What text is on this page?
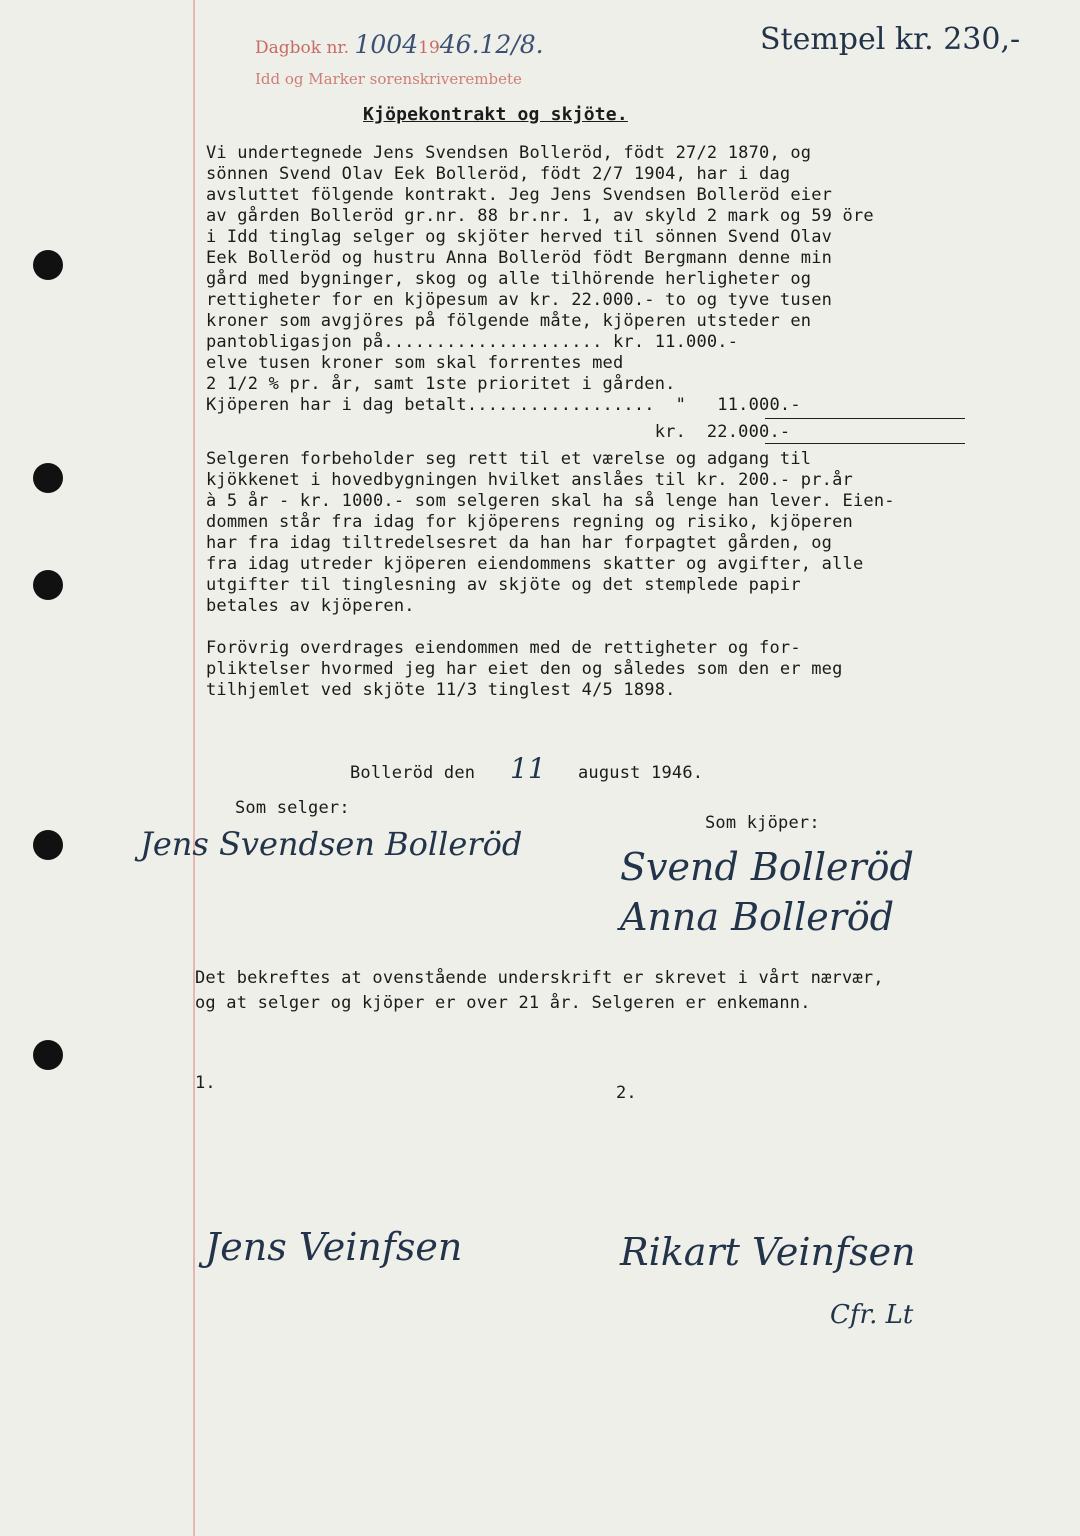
Dagbok nr. 10041946.12/8.
Idd og Marker sorenskriverembete
Stempel kr. 230,-
Kjöpekontrakt og skjöte.
Vi undertegnede Jens Svendsen Bolleröd, födt 27/2 1870, og
sönnen Svend Olav Eek Bolleröd, födt 2/7 1904, har i dag
avsluttet fölgende kontrakt. Jeg Jens Svendsen Bolleröd eier
av gården Bolleröd gr.nr. 88 br.nr. 1, av skyld 2 mark og 59 öre
i Idd tinglag selger og skjöter herved til sönnen Svend Olav
Eek Bolleröd og hustru Anna Bolleröd födt Bergmann denne min
gård med bygninger, skog og alle tilhörende herligheter og
rettigheter for en kjöpesum av kr. 22.000.- to og tyve tusen
kroner som avgjöres på fölgende måte, kjöperen utsteder en
pantobligasjon på..................... kr. 11.000.-
elve tusen kroner som skal forrentes med
2 1/2 % pr. år, samt 1ste prioritet i gården.
Kjöperen har i dag betalt..................  "   11.000.-
kr.  22.000.-
Selgeren forbeholder seg rett til et værelse og adgang til
kjökkenet i hovedbygningen hvilket anslåes til kr. 200.- pr.år
à 5 år - kr. 1000.- som selgeren skal ha så lenge han lever. Eien-
dommen står fra idag for kjöperens regning og risiko, kjöperen
har fra idag tiltredelsesret da han har forpagtet gården, og
fra idag utreder kjöperen eiendommens skatter og avgifter, alle
utgifter til tinglesning av skjöte og det stemplede papir
betales av kjöperen.
Forövrig overdrages eiendommen med de rettigheter og for-
pliktelser hvormed jeg har eiet den og således som den er meg
tilhjemlet ved skjöte 11/3 tinglest 4/5 1898.
Bolleröd den 11 august 1946.
Som selger:
Som kjöper:
Jens Svendsen Bolleröd
Svend Bolleröd
Anna Bolleröd
Det bekreftes at ovenstående underskrift er skrevet i vårt nærvær,
og at selger og kjöper er over 21 år. Selgeren er enkemann.
1.	2.
Jens Veinfsen	Rikart Veinfsen
Cfr. Lt
